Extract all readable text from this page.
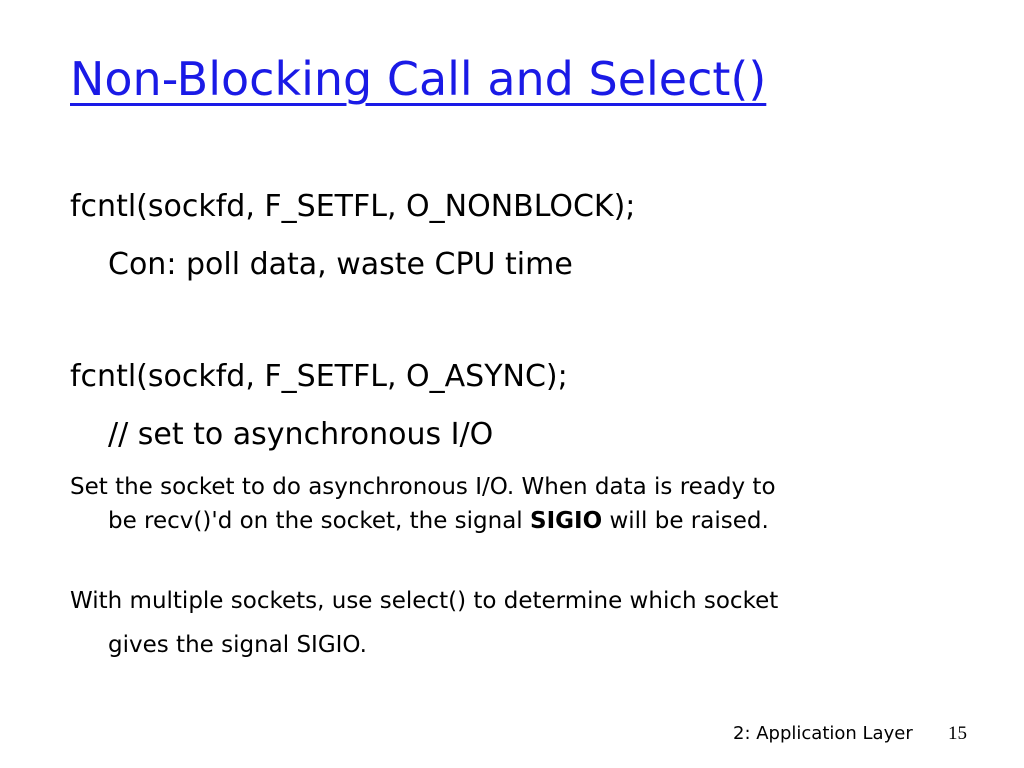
Non-Blocking Call and Select()
fcntl(sockfd, F_SETFL, O_NONBLOCK);
Con: poll data, waste CPU time
fcntl(sockfd, F_SETFL, O_ASYNC);
// set to asynchronous I/O
Set the socket to do asynchronous I/O. When data is ready to
be recv()'d on the socket, the signal SIGIO will be raised.
With multiple sockets, use select() to determine which socket
gives the signal SIGIO.
2: Application Layer 15
